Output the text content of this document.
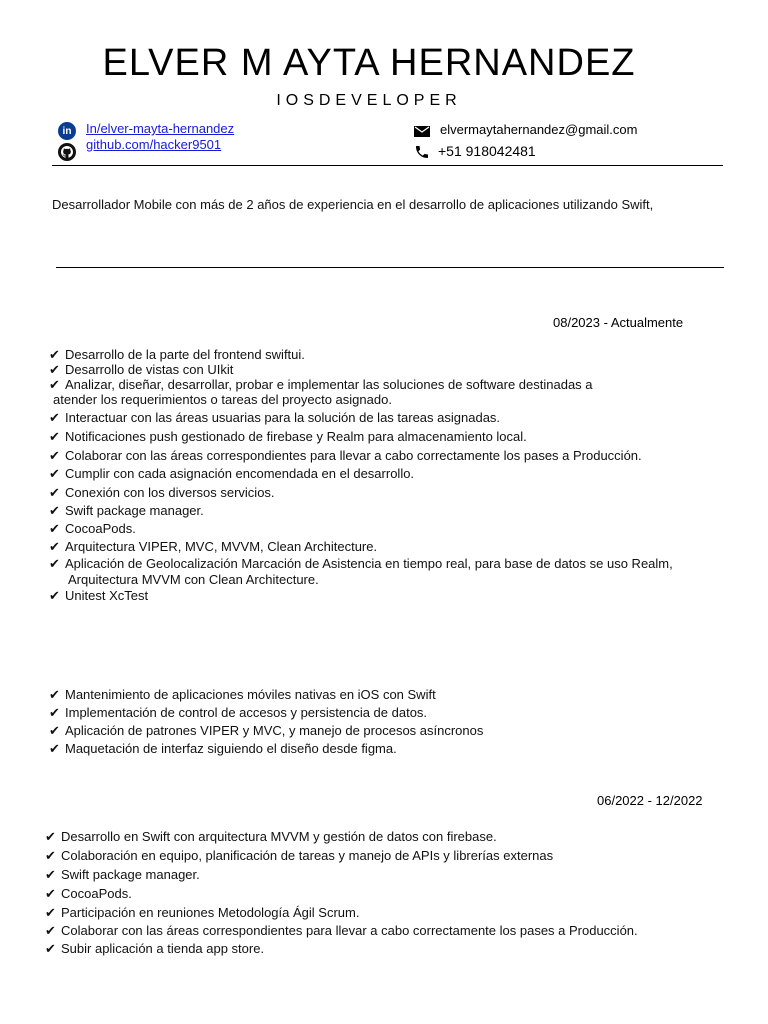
ELVER M AYTA HERNANDEZ
IOSDEVELOPER
in	In/elver-mayta-hernandez
github.com/hacker9501
elvermaytahernandez@gmail.com
+51 918042481
Desarrollador Mobile con más de 2 años de experiencia en el desarrollo de aplicaciones utilizando Swift,
08/2023 - Actualmente
✔ Desarrollo de la parte del frontend swiftui.
✔ Desarrollo de vistas con UIkit
✔ Analizar, diseñar, desarrollar, probar e implementar las soluciones de software destinadas a
atender los requerimientos o tareas del proyecto asignado.
✔ Interactuar con las áreas usuarias para la solución de las tareas asignadas.
✔ Notificaciones push gestionado de firebase y Realm para almacenamiento local.
✔ Colaborar con las áreas correspondientes para llevar a cabo correctamente los pases a Producción.
✔ Cumplir con cada asignación encomendada en el desarrollo.
✔ Conexión con los diversos servicios.
✔ Swift package manager.
✔ CocoaPods.
✔ Arquitectura VIPER, MVC, MVVM, Clean Architecture.
✔ Aplicación de Geolocalización Marcación de Asistencia en tiempo real, para base de datos se uso Realm,
Arquitectura MVVM con Clean Architecture.
✔ Unitest XcTest
✔ Mantenimiento de aplicaciones móviles nativas en iOS con Swift
✔ Implementación de control de accesos y persistencia de datos.
✔ Aplicación de patrones VIPER y MVC, y manejo de procesos asíncronos
✔ Maquetación de interfaz siguiendo el diseño desde figma.
06/2022 - 12/2022
✔ Desarrollo en Swift con arquitectura MVVM y gestión de datos con firebase.
✔ Colaboración en equipo, planificación de tareas y manejo de APIs y librerías externas
✔ Swift package manager.
✔ CocoaPods.
✔ Participación en reuniones Metodología Ágil Scrum.
✔ Colaborar con las áreas correspondientes para llevar a cabo correctamente los pases a Producción.
✔ Subir aplicación a tienda app store.
